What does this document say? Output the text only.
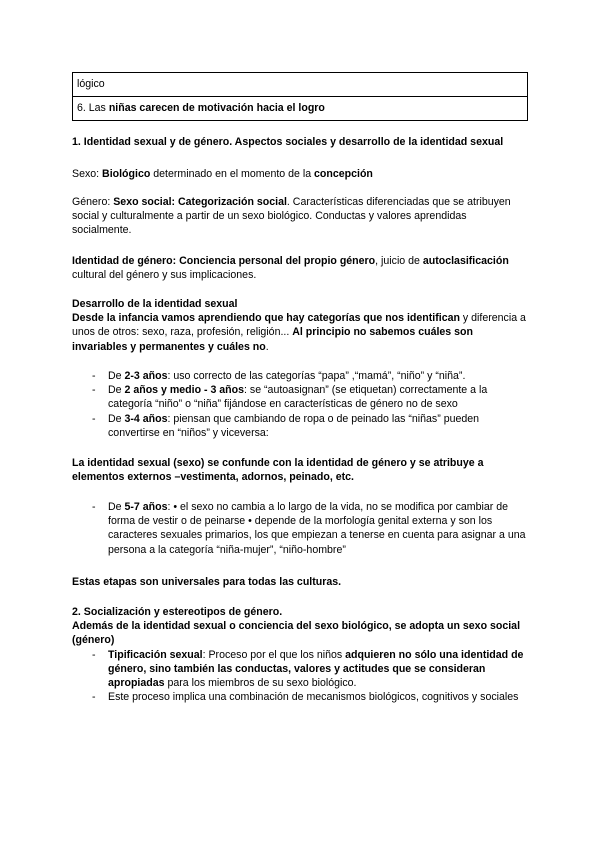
lógico
6. Las niñas carecen de motivación hacia el logro
1. Identidad sexual y de género. Aspectos sociales y desarrollo de la identidad sexual
Sexo: Biológico determinado en el momento de la concepción
Género: Sexo social: Categorización social. Características diferenciadas que se atribuyen social y culturalmente a partir de un sexo biológico. Conductas y valores aprendidas socialmente.
Identidad de género: Conciencia personal del propio género, juicio de autoclasificación cultural del género y sus implicaciones.
Desarrollo de la identidad sexual
Desde la infancia vamos aprendiendo que hay categorías que nos identifican y diferencia a unos de otros: sexo, raza, profesión, religión... Al principio no sabemos cuáles son invariables y permanentes y cuáles no.
- De 2-3 años: uso correcto de las categorías “papa” ,“mamá”, “niño” y “niña”.
- De 2 años y medio - 3 años: se “autoasignan” (se etiquetan) correctamente a la categoría “niño” o “niña” fijándose en características de género no de sexo
- De 3-4 años: piensan que cambiando de ropa o de peinado las “niñas” pueden convertirse en “niños” y viceversa:
La identidad sexual (sexo) se confunde con la identidad de género y se atribuye a elementos externos –vestimenta, adornos, peinado, etc.
- De 5-7 años: • el sexo no cambia a lo largo de la vida, no se modifica por cambiar de forma de vestir o de peinarse • depende de la morfología genital externa y son los caracteres sexuales primarios, los que empiezan a tenerse en cuenta para asignar a una persona a la categoría “niña-mujer”, “niño-hombre”
Estas etapas son universales para todas las culturas.
2. Socialización y estereotipos de género.
Además de la identidad sexual o conciencia del sexo biológico, se adopta un sexo social (género)
- Tipificación sexual: Proceso por el que los niños adquieren no sólo una identidad de género, sino también las conductas, valores y actitudes que se consideran apropiadas para los miembros de su sexo biológico.
- Este proceso implica una combinación de mecanismos biológicos, cognitivos y sociales
